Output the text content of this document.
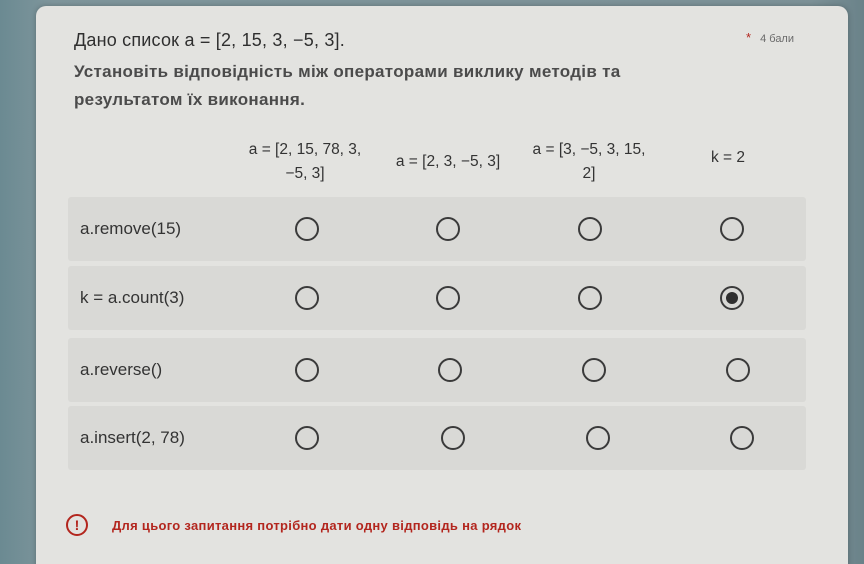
Дано список a = [2, 15, 3, −5, 3].	* 4 бали
Установіть відповідність між операторами виклику методів та результатом їх виконання.
a = [2, 15, 78, 3,
−5, 3]
a = [2, 3, −5, 3]
a = [3, −5, 3, 15,
2]
k = 2
a.remove(15)
k = a.count(3)
a.reverse()
a.insert(2, 78)
!	Для цього запитання потрібно дати одну відповідь на рядок
